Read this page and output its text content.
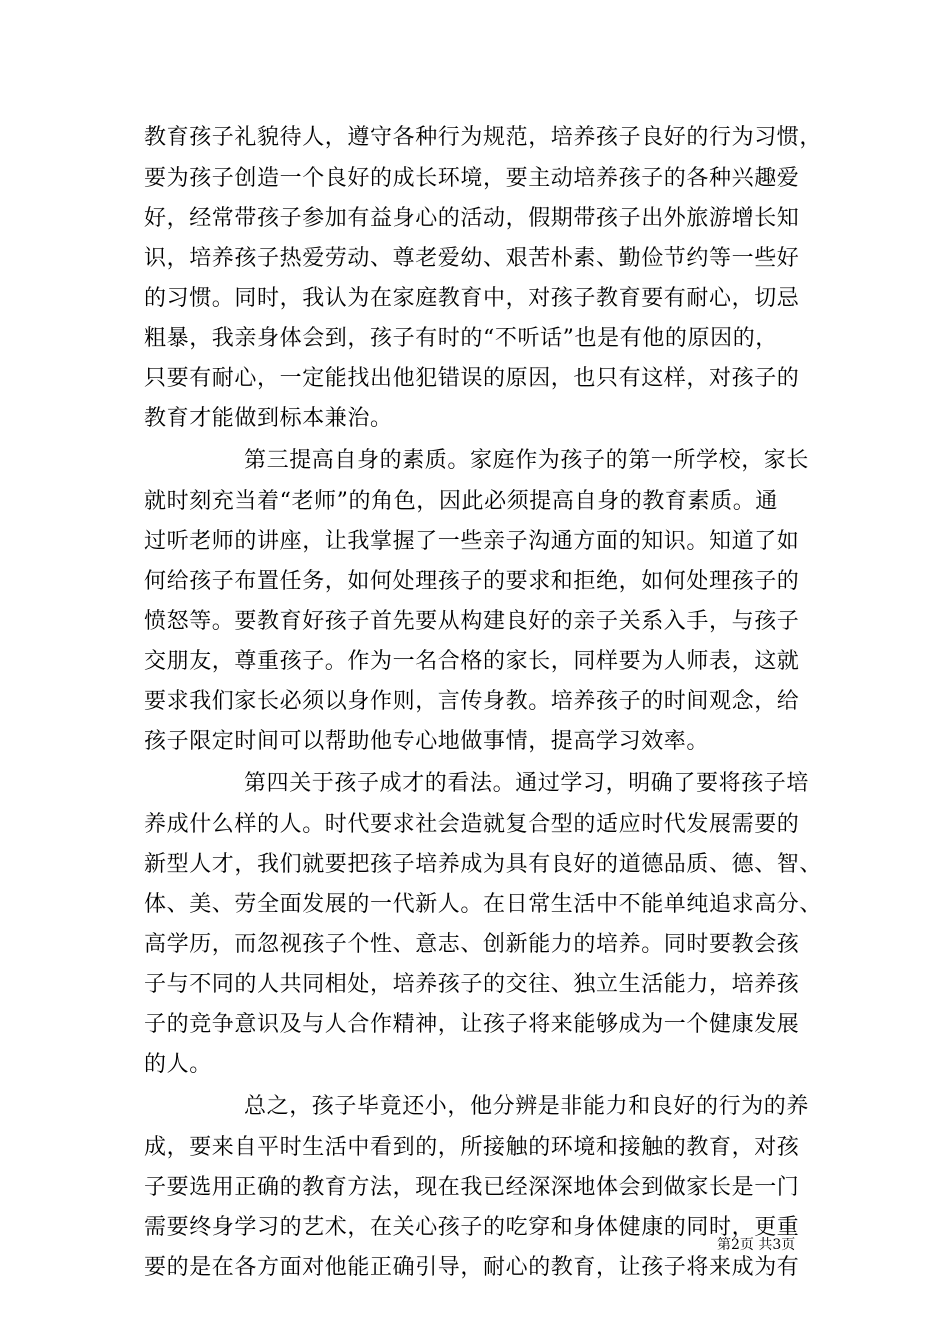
教育孩子礼貌待人，遵守各种行为规范，培养孩子良好的行为习惯，
要为孩子创造一个良好的成长环境，要主动培养孩子的各种兴趣爱
好，经常带孩子参加有益身心的活动，假期带孩子出外旅游增长知
识，培养孩子热爱劳动、尊老爱幼、艰苦朴素、勤俭节约等一些好
的习惯。同时，我认为在家庭教育中，对孩子教育要有耐心，切忌
粗暴，我亲身体会到，孩子有时的“不听话”也是有他的原因的，
只要有耐心，一定能找出他犯错误的原因，也只有这样，对孩子的
教育才能做到标本兼治。
第三提高自身的素质。家庭作为孩子的第一所学校，家长
就时刻充当着“老师”的角色，因此必须提高自身的教育素质。通
过听老师的讲座，让我掌握了一些亲子沟通方面的知识。知道了如
何给孩子布置任务，如何处理孩子的要求和拒绝，如何处理孩子的
愤怒等。要教育好孩子首先要从构建良好的亲子关系入手，与孩子
交朋友，尊重孩子。作为一名合格的家长，同样要为人师表，这就
要求我们家长必须以身作则，言传身教。培养孩子的时间观念，给
孩子限定时间可以帮助他专心地做事情，提高学习效率。
第四关于孩子成才的看法。通过学习，明确了要将孩子培
养成什么样的人。时代要求社会造就复合型的适应时代发展需要的
新型人才，我们就要把孩子培养成为具有良好的道德品质、德、智、
体、美、劳全面发展的一代新人。在日常生活中不能单纯追求高分、
高学历，而忽视孩子个性、意志、创新能力的培养。同时要教会孩
子与不同的人共同相处，培养孩子的交往、独立生活能力，培养孩
子的竞争意识及与人合作精神，让孩子将来能够成为一个健康发展
的人。
总之，孩子毕竟还小，他分辨是非能力和良好的行为的养
成，要来自平时生活中看到的，所接触的环境和接触的教育，对孩
子要选用正确的教育方法，现在我已经深深地体会到做家长是一门
需要终身学习的艺术，在关心孩子的吃穿和身体健康的同时，更重
要的是在各方面对他能正确引导，耐心的教育，让孩子将来成为有
第2页 共3页
